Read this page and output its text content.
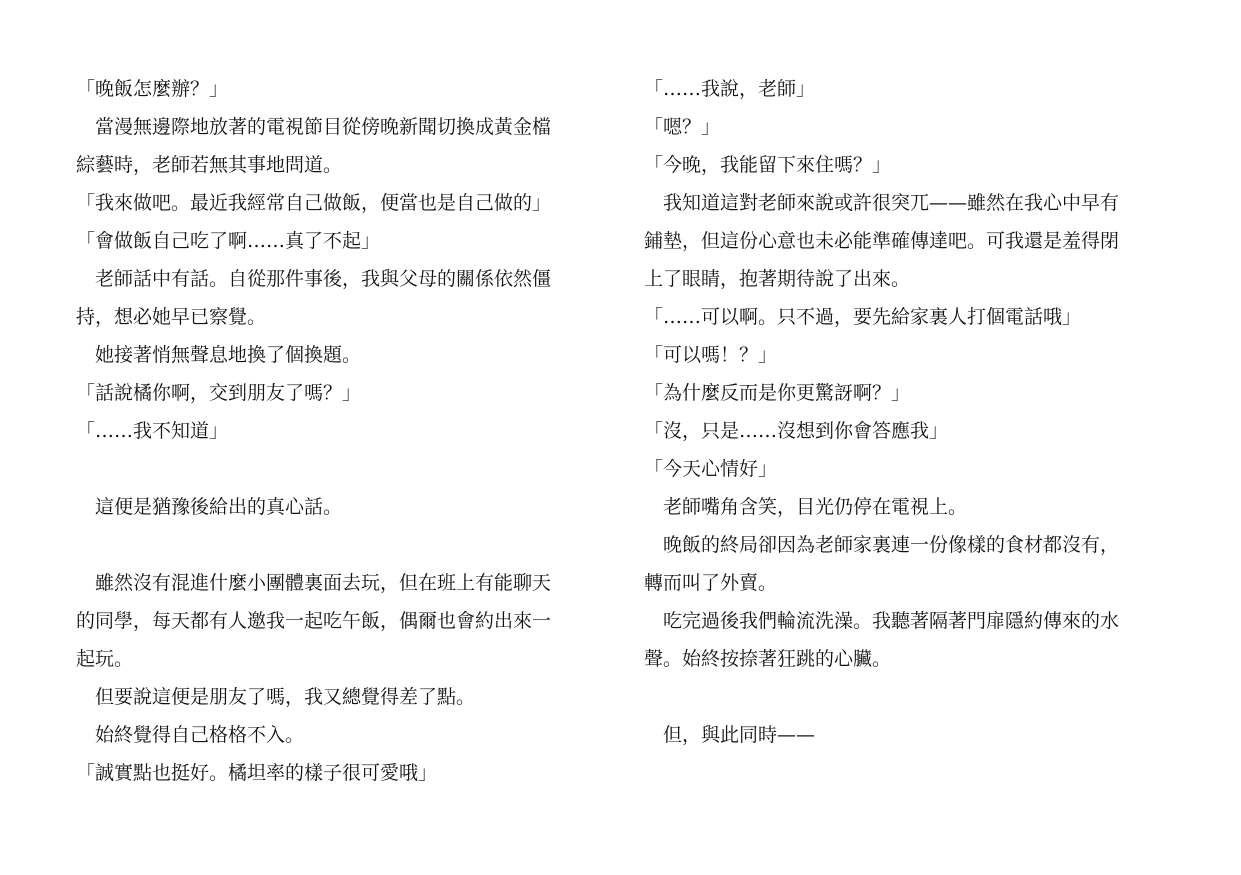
「晚飯怎麼辦？」
　當漫無邊際地放著的電視節目從傍晚新聞切換成黃金檔
綜藝時，老師若無其事地問道。
「我來做吧。最近我經常自己做飯，便當也是自己做的」
「會做飯自己吃了啊……真了不起」
　老師話中有話。自從那件事後，我與父母的關係依然僵
持，想必她早已察覺。
　她接著悄無聲息地換了個換題。
「話說橘你啊，交到朋友了嗎？」
「……我不知道」
　這便是猶豫後給出的真心話。
　雖然沒有混進什麼小團體裏面去玩，但在班上有能聊天
的同學，每天都有人邀我一起吃午飯，偶爾也會約出來一
起玩。
　但要說這便是朋友了嗎，我又總覺得差了點。
　始終覺得自己格格不入。
「誠實點也挺好。橘坦率的樣子很可愛哦」
「……我說，老師」
「嗯？」
「今晚，我能留下來住嗎？」
　我知道這對老師來說或許很突兀——雖然在我心中早有
鋪墊，但這份心意也未必能準確傳達吧。可我還是羞得閉
上了眼睛，抱著期待說了出來。
「……可以啊。只不過，要先給家裏人打個電話哦」
「可以嗎！？」
「為什麼反而是你更驚訝啊？」
「沒，只是……沒想到你會答應我」
「今天心情好」
　老師嘴角含笑，目光仍停在電視上。
　晚飯的終局卻因為老師家裏連一份像樣的食材都沒有，
轉而叫了外賣。
　吃完過後我們輪流洗澡。我聽著隔著門扉隱約傳來的水
聲。始終按捺著狂跳的心臟。
　但，與此同時——
